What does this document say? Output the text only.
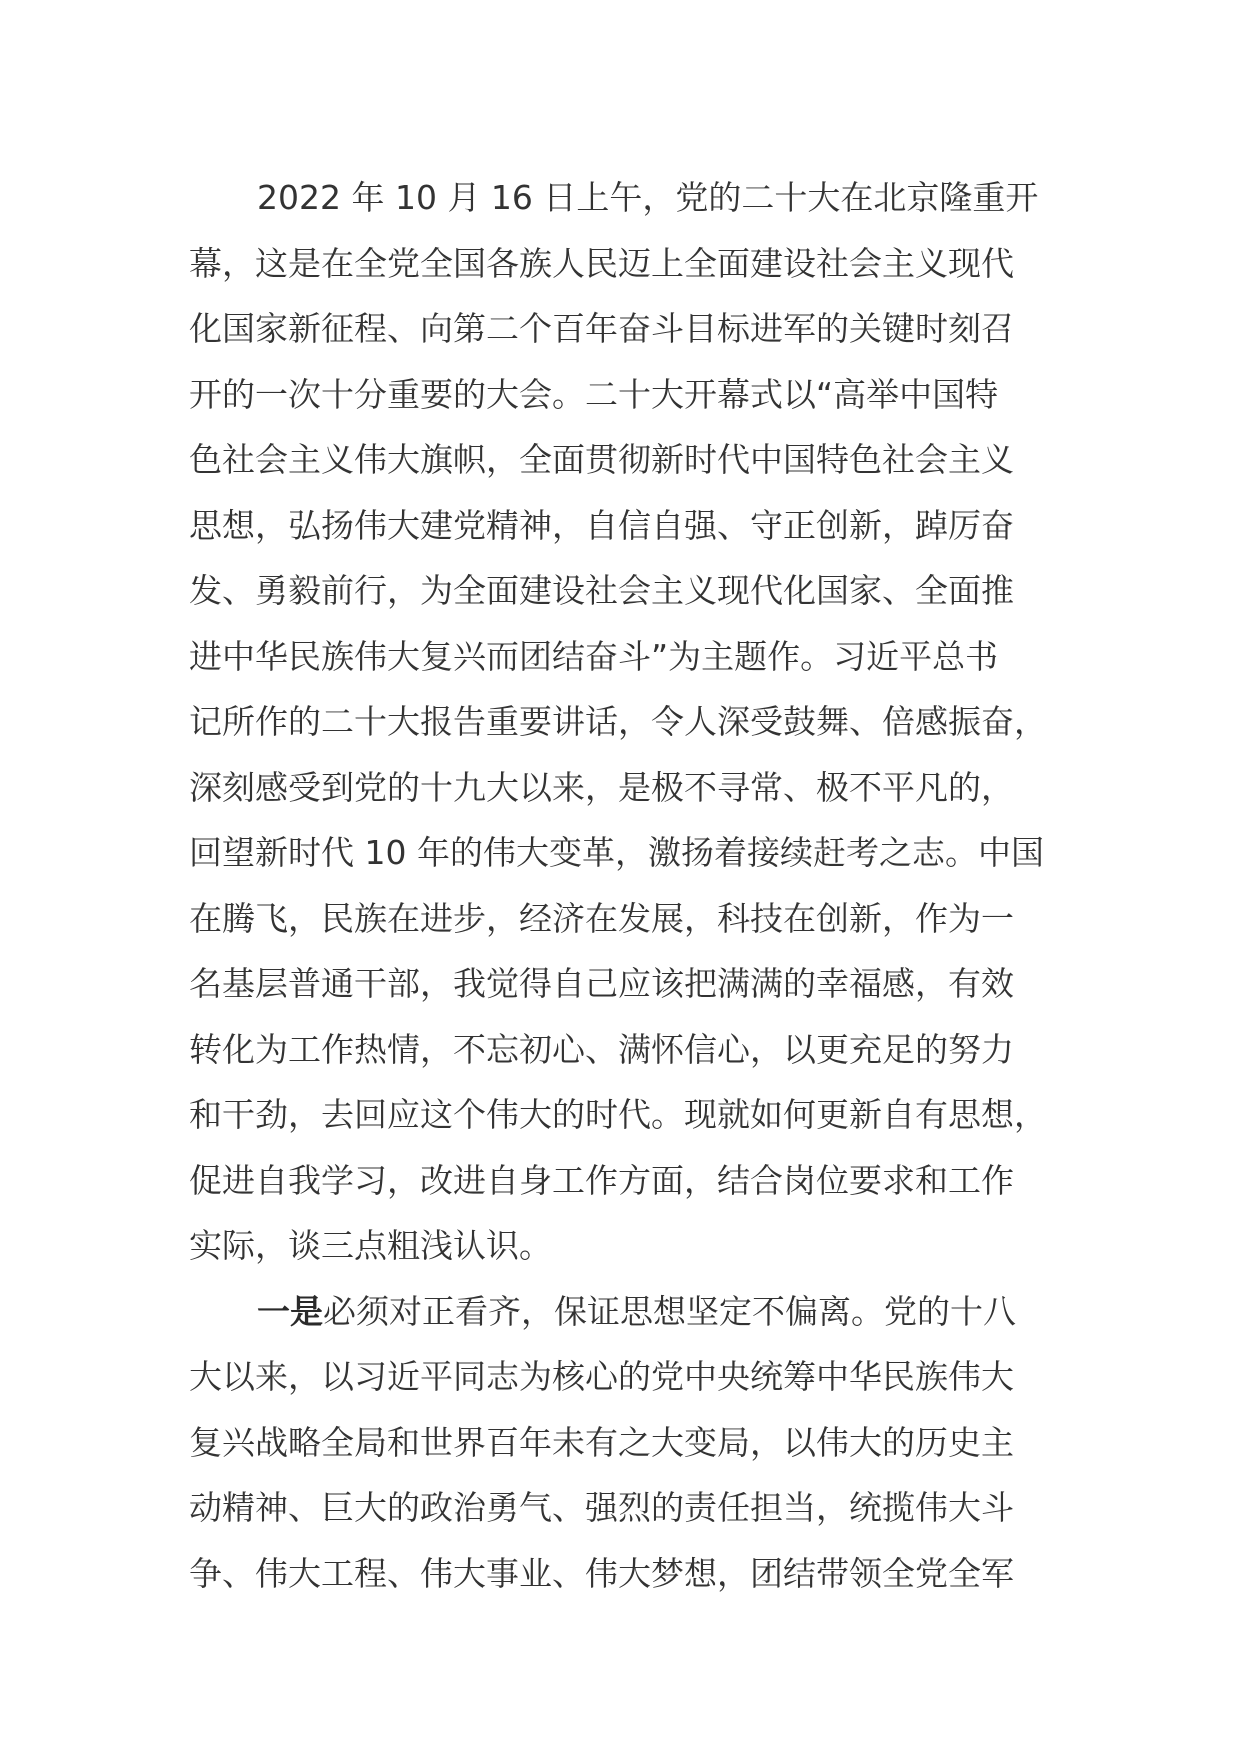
2022 年 10 月 16 日上午，党的二十大在北京隆重开
幕，这是在全党全国各族人民迈上全面建设社会主义现代
化国家新征程、向第二个百年奋斗目标进军的关键时刻召
开的一次十分重要的大会。二十大开幕式以“高举中国特
色社会主义伟大旗帜，全面贯彻新时代中国特色社会主义
思想，弘扬伟大建党精神，自信自强、守正创新，踔厉奋
发、勇毅前行，为全面建设社会主义现代化国家、全面推
进中华民族伟大复兴而团结奋斗”为主题作。习近平总书
记所作的二十大报告重要讲话，令人深受鼓舞、倍感振奋，
深刻感受到党的十九大以来，是极不寻常、极不平凡的，
回望新时代 10 年的伟大变革，激扬着接续赶考之志。中国
在腾飞，民族在进步，经济在发展，科技在创新，作为一
名基层普通干部，我觉得自己应该把满满的幸福感，有效
转化为工作热情，不忘初心、满怀信心，以更充足的努力
和干劲，去回应这个伟大的时代。现就如何更新自有思想，
促进自我学习，改进自身工作方面，结合岗位要求和工作
实际，谈三点粗浅认识。
一是必须对正看齐，保证思想坚定不偏离。党的十八
大以来，以习近平同志为核心的党中央统筹中华民族伟大
复兴战略全局和世界百年未有之大变局，以伟大的历史主
动精神、巨大的政治勇气、强烈的责任担当，统揽伟大斗
争、伟大工程、伟大事业、伟大梦想，团结带领全党全军
